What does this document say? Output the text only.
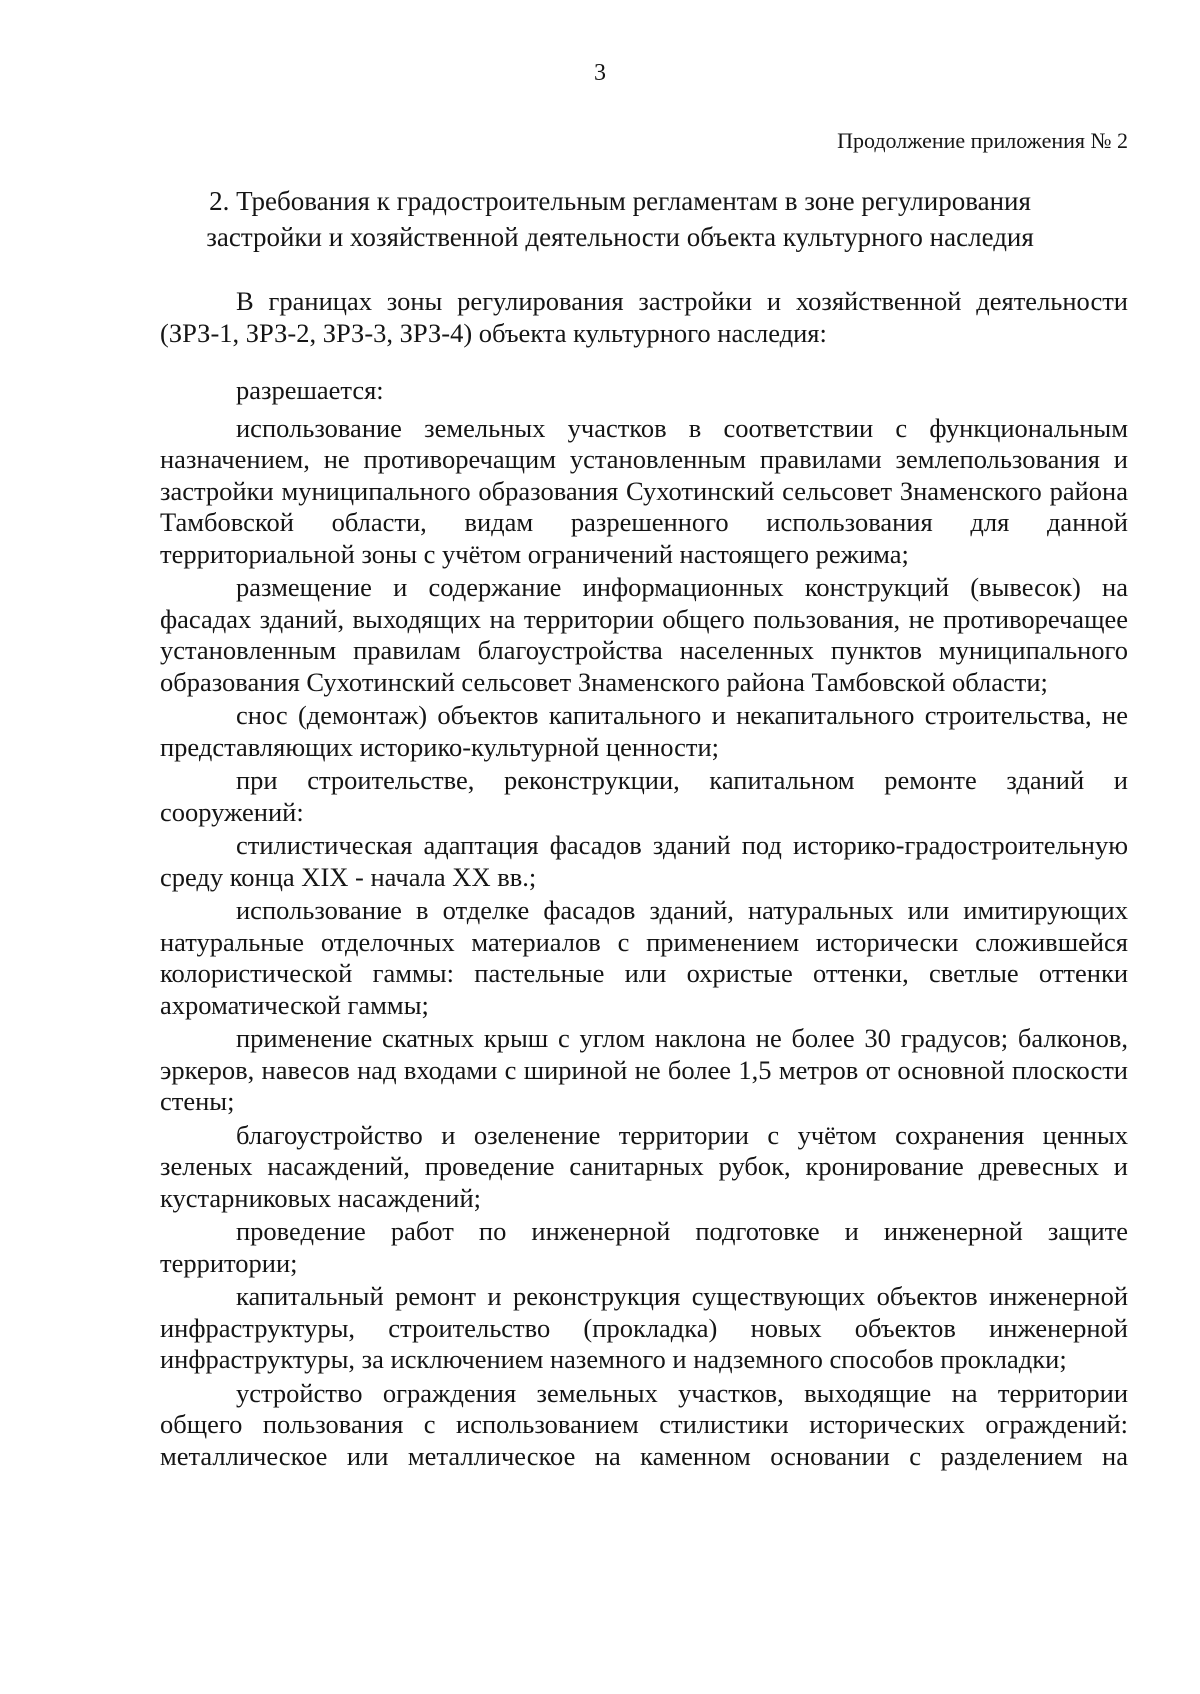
3
Продолжение приложения № 2
2. Требования к градостроительным регламентам в зоне регулирования застройки и хозяйственной деятельности объекта культурного наследия

В границах зоны регулирования застройки и хозяйственной деятельности (ЗРЗ-1, ЗРЗ-2, ЗРЗ-3, ЗРЗ-4) объекта культурного наследия:

разрешается:

использование земельных участков в соответствии с функциональным назначением, не противоречащим установленным правилами землепользования и застройки муниципального образования Сухотинский сельсовет Знаменского района Тамбовской области, видам разрешенного использования для данной территориальной зоны с учётом ограничений настоящего режима;

размещение и содержание информационных конструкций (вывесок) на фасадах зданий, выходящих на территории общего пользования, не противоречащее установленным правилам благоустройства населенных пунктов муниципального образования Сухотинский сельсовет Знаменского района Тамбовской области;

снос (демонтаж) объектов капитального и некапитального строительства, не представляющих историко-культурной ценности;

при строительстве, реконструкции, капитальном ремонте зданий и сооружений:

стилистическая адаптация фасадов зданий под историко-градостроительную среду конца XIX - начала XX вв.;

использование в отделке фасадов зданий, натуральных или имитирующих натуральные отделочных материалов с применением исторически сложившейся колористической гаммы: пастельные или охристые оттенки, светлые оттенки ахроматической гаммы;

применение скатных крыш с углом наклона не более 30 градусов; балконов, эркеров, навесов над входами с шириной не более 1,5 метров от основной плоскости стены;

благоустройство и озеленение территории с учётом сохранения ценных зеленых насаждений, проведение санитарных рубок, кронирование древесных и кустарниковых насаждений;

проведение работ по инженерной подготовке и инженерной защите территории;

капитальный ремонт и реконструкция существующих объектов инженерной инфраструктуры, строительство (прокладка) новых объектов инженерной инфраструктуры, за исключением наземного и надземного способов прокладки;

устройство ограждения земельных участков, выходящие на территории общего пользования с использованием стилистики исторических ограждений: металлическое или металлическое на каменном основании с разделением на
